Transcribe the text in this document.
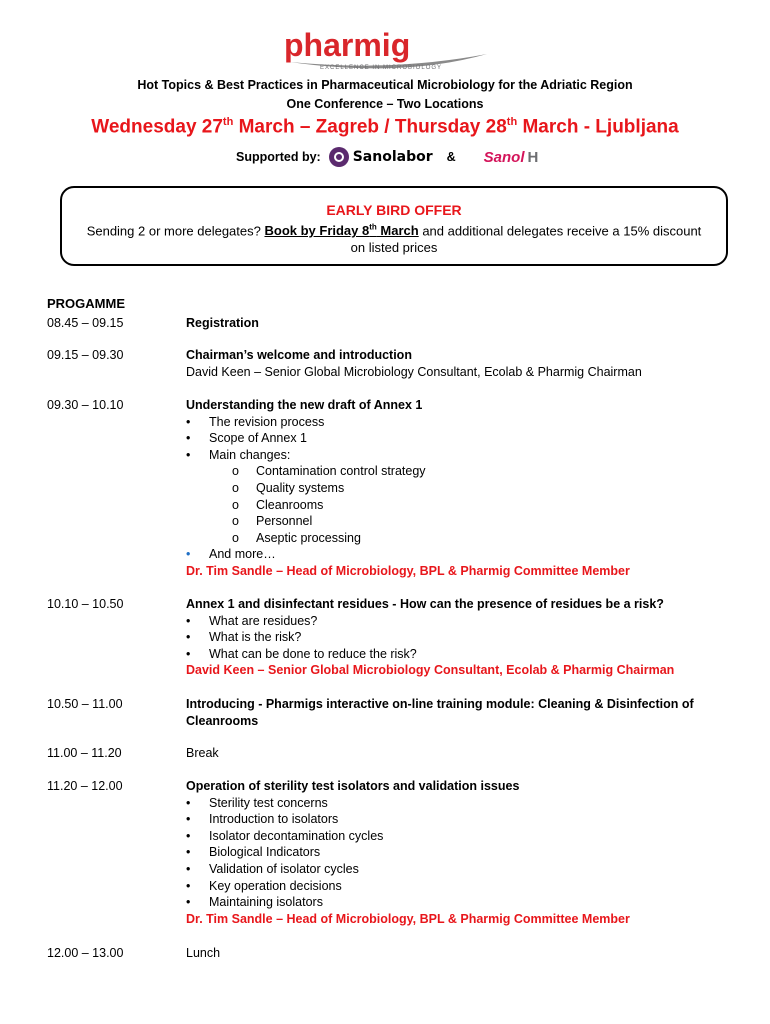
pharmig
EXCELLENCE IN MICROBIOLOGY
Hot Topics & Best Practices in Pharmaceutical Microbiology for the Adriatic Region
One Conference – Two Locations
Wednesday 27th March – Zagreb / Thursday 28th March - Ljubljana
Supported by: Sanolabor & Sanol H
EARLY BIRD OFFER
Sending 2 or more delegates? Book by Friday 8th March and additional delegates receive a 15% discount on listed prices
PROGAMME
08.45 – 09.15	Registration
09.15 – 09.30	Chairman’s welcome and introduction
David Keen – Senior Global Microbiology Consultant, Ecolab & Pharmig Chairman
09.30 – 10.10	Understanding the new draft of Annex 1
• The revision process
• Scope of Annex 1
• Main changes:
o Contamination control strategy
o Quality systems
o Cleanrooms
o Personnel
o Aseptic processing
• And more…
Dr. Tim Sandle – Head of Microbiology, BPL & Pharmig Committee Member
10.10 – 10.50	Annex 1 and disinfectant residues - How can the presence of residues be a risk?
• What are residues?
• What is the risk?
• What can be done to reduce the risk?
David Keen – Senior Global Microbiology Consultant, Ecolab & Pharmig Chairman
10.50 – 11.00	Introducing - Pharmigs interactive on-line training module: Cleaning & Disinfection of Cleanrooms
11.00 – 11.20	Break
11.20 – 12.00	Operation of sterility test isolators and validation issues
• Sterility test concerns
• Introduction to isolators
• Isolator decontamination cycles
• Biological Indicators
• Validation of isolator cycles
• Key operation decisions
• Maintaining isolators
Dr. Tim Sandle – Head of Microbiology, BPL & Pharmig Committee Member
12.00 – 13.00	Lunch
